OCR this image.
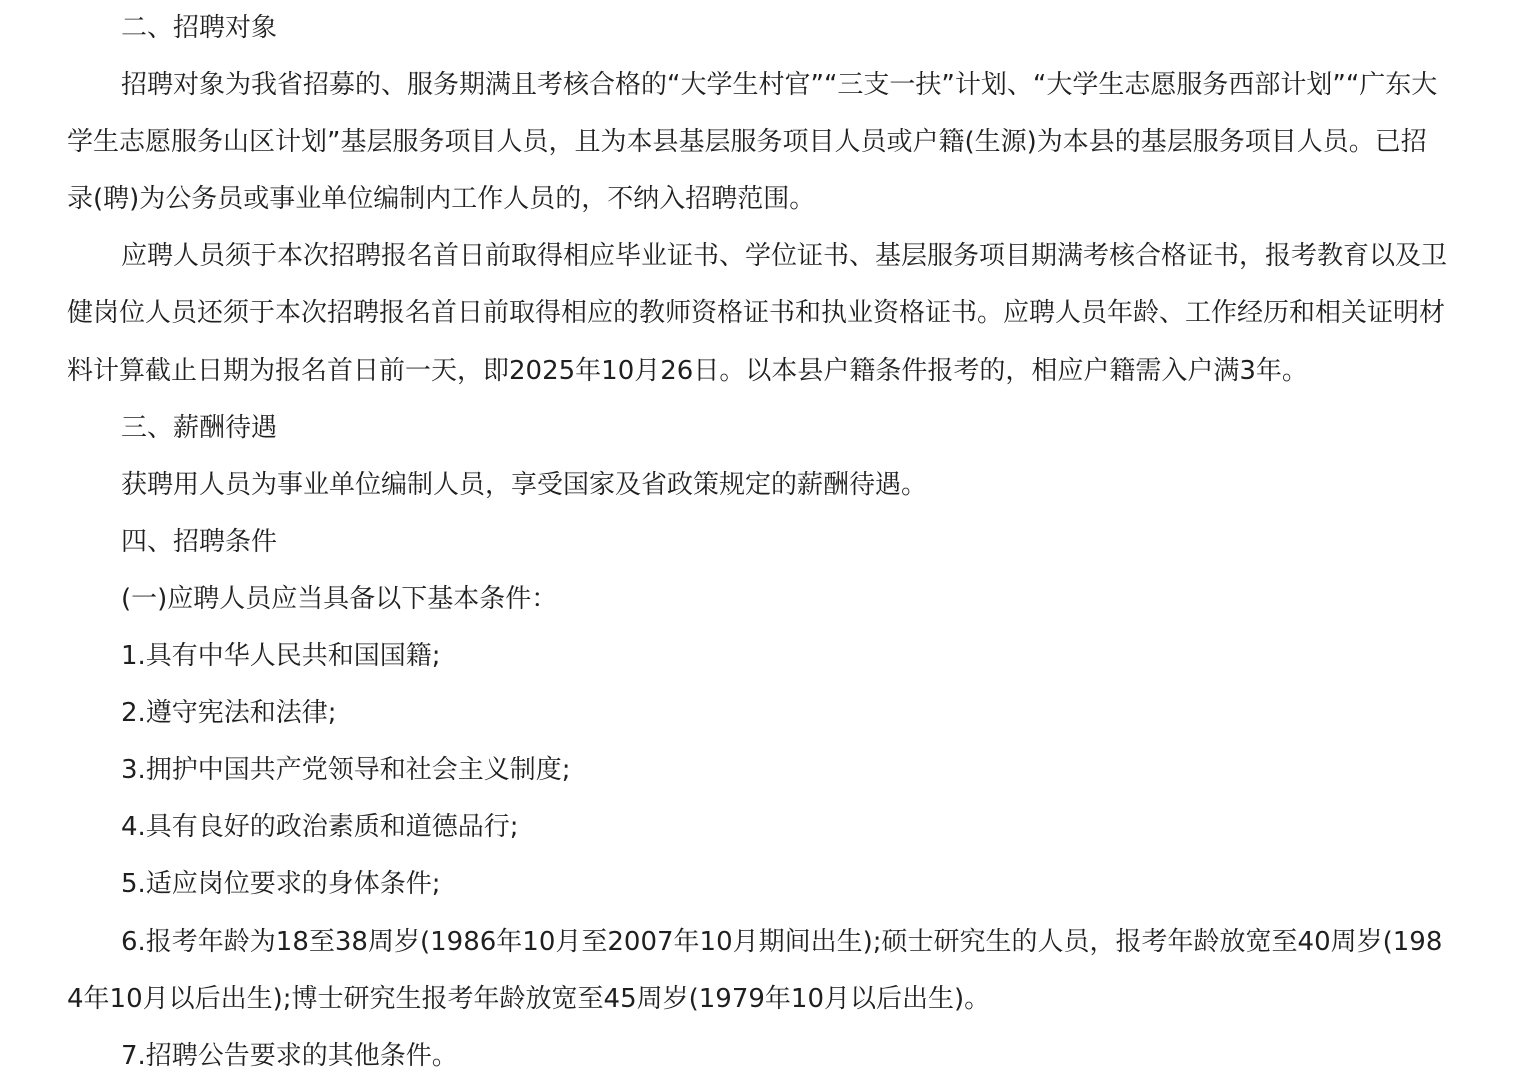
二、招聘对象

招聘对象为我省招募的、服务期满且考核合格的“大学生村官”“三支一扶”计划、“大学生志愿服务西部计划”“广东大学生志愿服务山区计划”基层服务项目人员，且为本县基层服务项目人员或户籍(生源)为本县的基层服务项目人员。已招录(聘)为公务员或事业单位编制内工作人员的，不纳入招聘范围。

应聘人员须于本次招聘报名首日前取得相应毕业证书、学位证书、基层服务项目期满考核合格证书，报考教育以及卫健岗位人员还须于本次招聘报名首日前取得相应的教师资格证书和执业资格证书。应聘人员年龄、工作经历和相关证明材料计算截止日期为报名首日前一天，即2025年10月26日。以本县户籍条件报考的，相应户籍需入户满3年。

三、薪酬待遇

获聘用人员为事业单位编制人员，享受国家及省政策规定的薪酬待遇。

四、招聘条件

(一)应聘人员应当具备以下基本条件：

1.具有中华人民共和国国籍;

2.遵守宪法和法律;

3.拥护中国共产党领导和社会主义制度;

4.具有良好的政治素质和道德品行;

5.适应岗位要求的身体条件;

6.报考年龄为18至38周岁(1986年10月至2007年10月期间出生);硕士研究生的人员，报考年龄放宽至40周岁(1984年10月以后出生);博士研究生报考年龄放宽至45周岁(1979年10月以后出生)。

7.招聘公告要求的其他条件。
